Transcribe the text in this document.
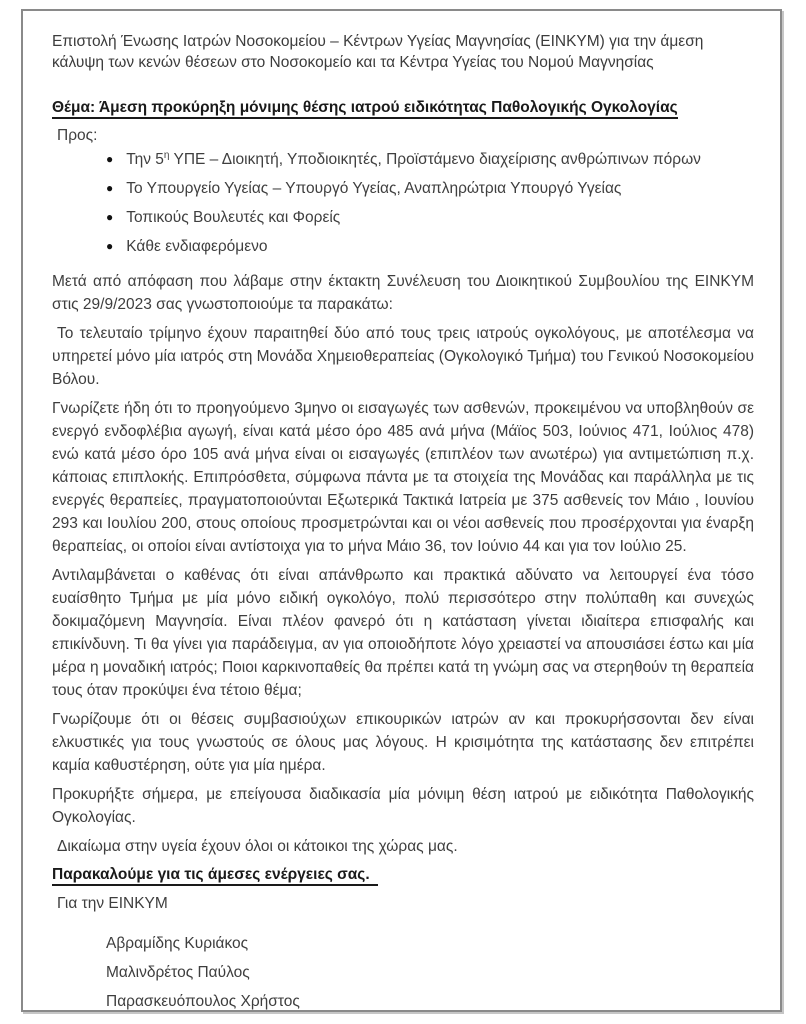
Επιστολή Ένωσης Ιατρών Νοσοκομείου – Κέντρων Υγείας Μαγνησίας (ΕΙΝΚΥΜ) για την άμεση κάλυψη των κενών θέσεων στο Νοσοκομείο και τα Κέντρα Υγείας του Νομού Μαγνησίας

Θέμα: Άμεση προκύρηξη μόνιμης θέσης ιατρού ειδικότητας Παθολογικής Ογκολογίας

Προς:

● Την $5^\eta$ ΥΠΕ – Διοικητή, Υποδιοικητές, Προϊστάμενο διαχείρισης ανθρώπινων πόρων
● Το Υπουργείο Υγείας – Υπουργό Υγείας, Αναπληρώτρια Υπουργό Υγείας
● Τοπικούς Βουλευτές και Φορείς
● Κάθε ενδιαφερόμενο

Μετά από απόφαση που λάβαμε στην έκτακτη Συνέλευση του Διοικητικού Συμβουλίου της ΕΙΝΚΥΜ στις 29/9/2023 σας γνωστοποιούμε τα παρακάτω:

Το τελευταίο τρίμηνο έχουν παραιτηθεί δύο από τους τρεις ιατρούς ογκολόγους, με αποτέλεσμα να υπηρετεί μόνο μία ιατρός στη Μονάδα Χημειοθεραπείας (Ογκολογικό Τμήμα) του Γενικού Νοσοκομείου Βόλου.

Γνωρίζετε ήδη ότι το προηγούμενο 3μηνο οι εισαγωγές των ασθενών, προκειμένου να υποβληθούν σε ενεργό ενδοφλέβια αγωγή, είναι κατά μέσο όρο 485 ανά μήνα (Μάϊος 503, Ιούνιος 471, Ιούλιος 478) ενώ κατά μέσο όρο 105 ανά μήνα είναι οι εισαγωγές (επιπλέον των ανωτέρω) για αντιμετώπιση π.χ. κάποιας επιπλοκής. Επιπρόσθετα, σύμφωνα πάντα με τα στοιχεία της Μονάδας και παράλληλα με τις ενεργές θεραπείες, πραγματοποιούνται Εξωτερικά Τακτικά Ιατρεία με 375 ασθενείς τον Μάιο , Ιουνίου 293 και Ιουλίου 200, στους οποίους προσμετρώνται και οι νέοι ασθενείς που προσέρχονται για έναρξη θεραπείας, οι οποίοι είναι αντίστοιχα για το μήνα Μάιο 36, τον Ιούνιο 44 και για τον Ιούλιο 25.

Αντιλαμβάνεται ο καθένας ότι είναι απάνθρωπο και πρακτικά αδύνατο να λειτουργεί ένα τόσο ευαίσθητο Τμήμα με μία μόνο ειδική ογκολόγο, πολύ περισσότερο στην πολύπαθη και συνεχώς δοκιμαζόμενη Μαγνησία. Είναι πλέον φανερό ότι η κατάσταση γίνεται ιδιαίτερα επισφαλής και επικίνδυνη. Τι θα γίνει για παράδειγμα, αν για οποιοδήποτε λόγο χρειαστεί να απουσιάσει έστω και μία μέρα η μοναδική ιατρός; Ποιοι καρκινοπαθείς θα πρέπει κατά τη γνώμη σας να στερηθούν τη θεραπεία τους όταν προκύψει ένα τέτοιο θέμα;

Γνωρίζουμε ότι οι θέσεις συμβασιούχων επικουρικών ιατρών αν και προκυρήσσονται δεν είναι ελκυστικές για τους γνωστούς σε όλους μας λόγους. Η κρισιμότητα της κατάστασης δεν επιτρέπει καμία καθυστέρηση, ούτε για μία ημέρα.

Προκυρήξτε σήμερα, με επείγουσα διαδικασία μία μόνιμη θέση ιατρού με ειδικότητα Παθολογικής Ογκολογίας.

Δικαίωμα στην υγεία έχουν όλοι οι κάτοικοι της χώρας μας.

Παρακαλούμε για τις άμεσες ενέργειες σας.

Για την ΕΙΝΚΥΜ

Αβραμίδης Κυριάκος
Μαλινδρέτος Παύλος
Παρασκευόπουλος Χρήστος
